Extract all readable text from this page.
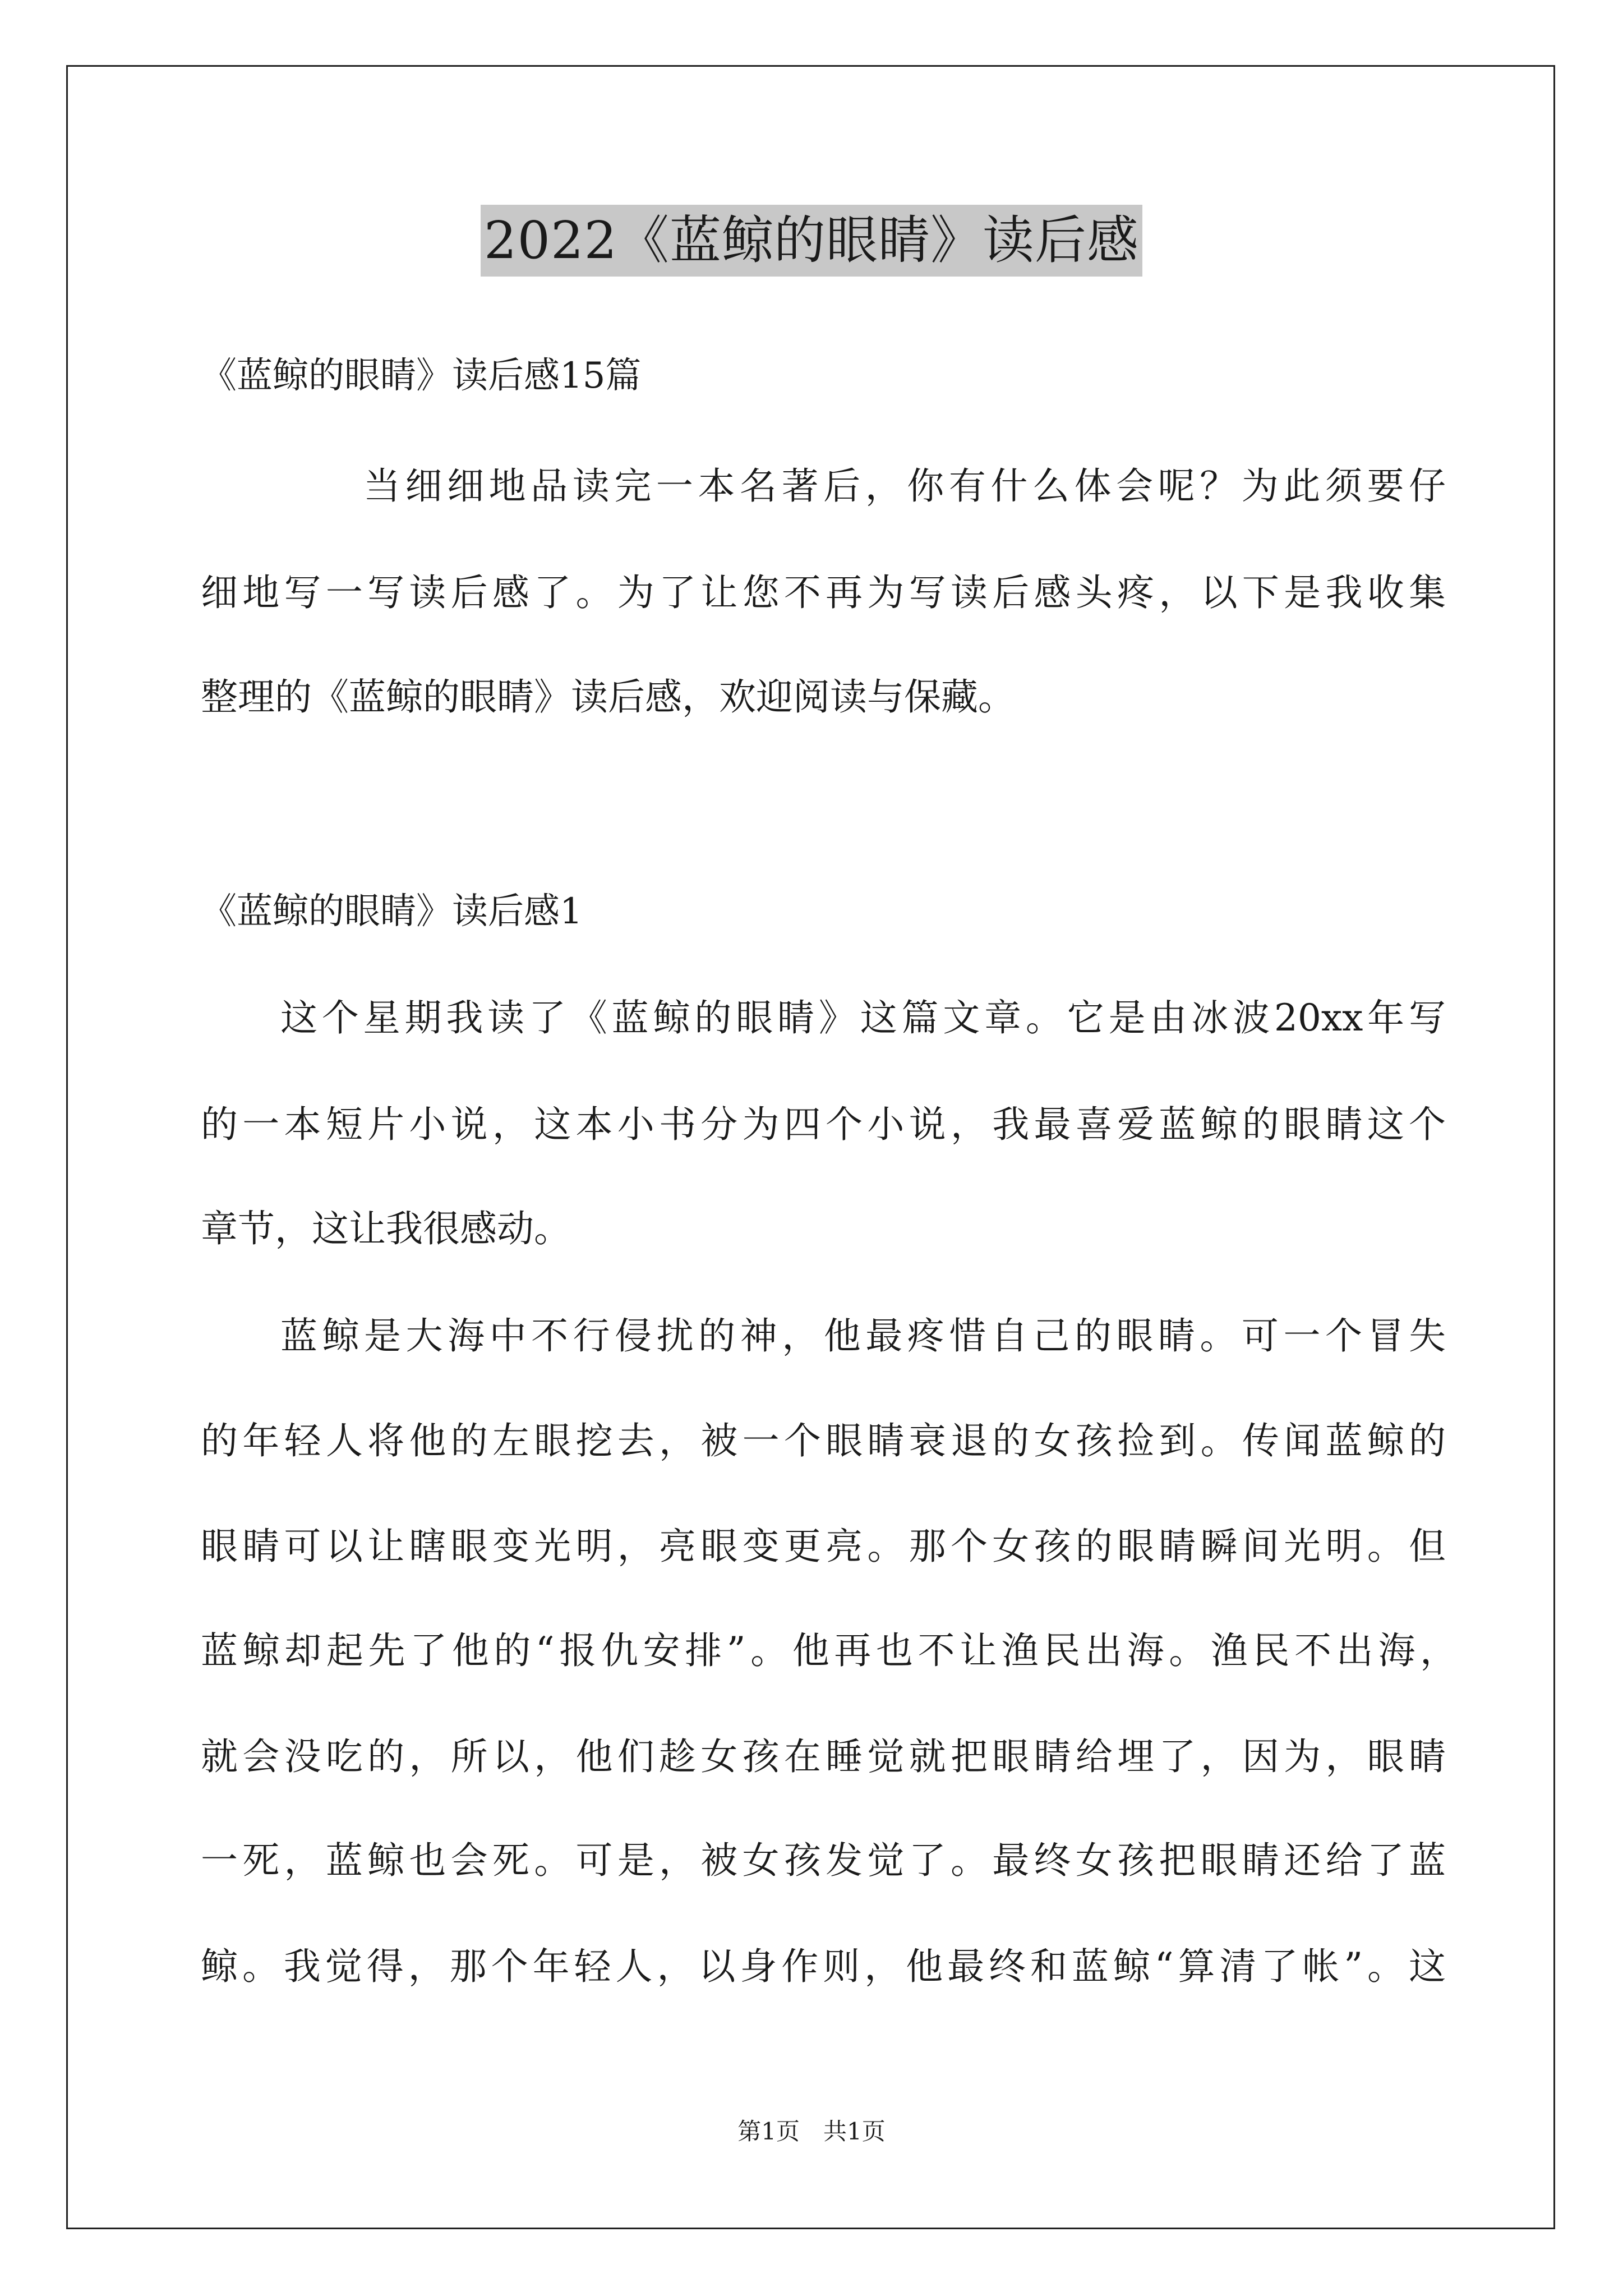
2022《蓝鲸的眼睛》读后感
《蓝鲸的眼睛》读后感15篇
当细细地品读完一本名著后，你有什么体会呢？为此须要仔
细地写一写读后感了。为了让您不再为写读后感头疼，以下是我收集
整理的《蓝鲸的眼睛》读后感，欢迎阅读与保藏。
《蓝鲸的眼睛》读后感1
这个星期我读了《蓝鲸的眼睛》这篇文章。它是由冰波20xx年写
的一本短片小说，这本小书分为四个小说，我最喜爱蓝鲸的眼睛这个
章节，这让我很感动。
蓝鲸是大海中不行侵扰的神，他最疼惜自己的眼睛。可一个冒失
的年轻人将他的左眼挖去，被一个眼睛衰退的女孩捡到。传闻蓝鲸的
眼睛可以让瞎眼变光明，亮眼变更亮。那个女孩的眼睛瞬间光明。但
蓝鲸却起先了他的“报仇安排”。他再也不让渔民出海。渔民不出海，
就会没吃的，所以，他们趁女孩在睡觉就把眼睛给埋了，因为，眼睛
一死，蓝鲸也会死。可是，被女孩发觉了。最终女孩把眼睛还给了蓝
鲸。我觉得，那个年轻人，以身作则，他最终和蓝鲸“算清了帐”。这
第1页　共1页
